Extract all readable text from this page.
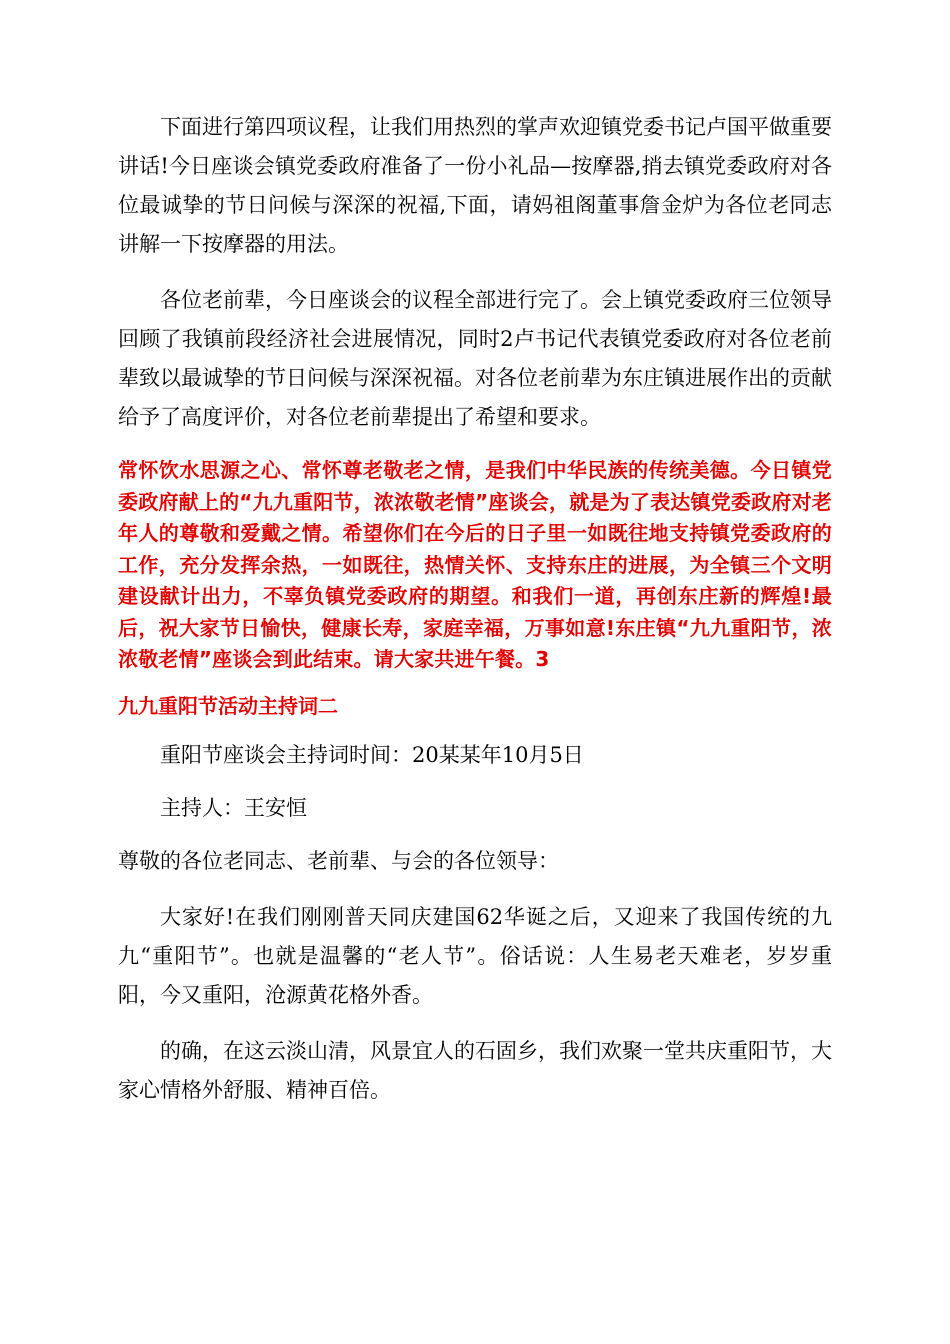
下面进行第四项议程，让我们用热烈的掌声欢迎镇党委书记卢国平做重要讲话!今日座谈会镇党委政府准备了一份小礼品—按摩器,捎去镇党委政府对各位最诚挚的节日问候与深深的祝福,下面，请妈祖阁董事詹金炉为各位老同志讲解一下按摩器的用法。

各位老前辈，今日座谈会的议程全部进行完了。会上镇党委政府三位领导回顾了我镇前段经济社会进展情况，同时2卢书记代表镇党委政府对各位老前辈致以最诚挚的节日问候与深深祝福。对各位老前辈为东庄镇进展作出的贡献给予了高度评价，对各位老前辈提出了希望和要求。

常怀饮水思源之心、常怀尊老敬老之情，是我们中华民族的传统美德。今日镇党委政府献上的“九九重阳节，浓浓敬老情”座谈会，就是为了表达镇党委政府对老年人的尊敬和爱戴之情。希望你们在今后的日子里一如既往地支持镇党委政府的工作，充分发挥余热，一如既往，热情关怀、支持东庄的进展，为全镇三个文明建设献计出力，不辜负镇党委政府的期望。和我们一道，再创东庄新的辉煌!最后，祝大家节日愉快，健康长寿，家庭幸福，万事如意!东庄镇“九九重阳节，浓浓敬老情”座谈会到此结束。请大家共进午餐。3

九九重阳节活动主持词二

重阳节座谈会主持词时间：20某某年10月5日

主持人：王安恒

尊敬的各位老同志、老前辈、与会的各位领导：

大家好!在我们刚刚普天同庆建国62华诞之后，又迎来了我国传统的九九“重阳节”。也就是温馨的“老人节”。俗话说：人生易老天难老，岁岁重阳，今又重阳，沧源黄花格外香。

的确，在这云淡山清，风景宜人的石固乡，我们欢聚一堂共庆重阳节，大家心情格外舒服、精神百倍。
